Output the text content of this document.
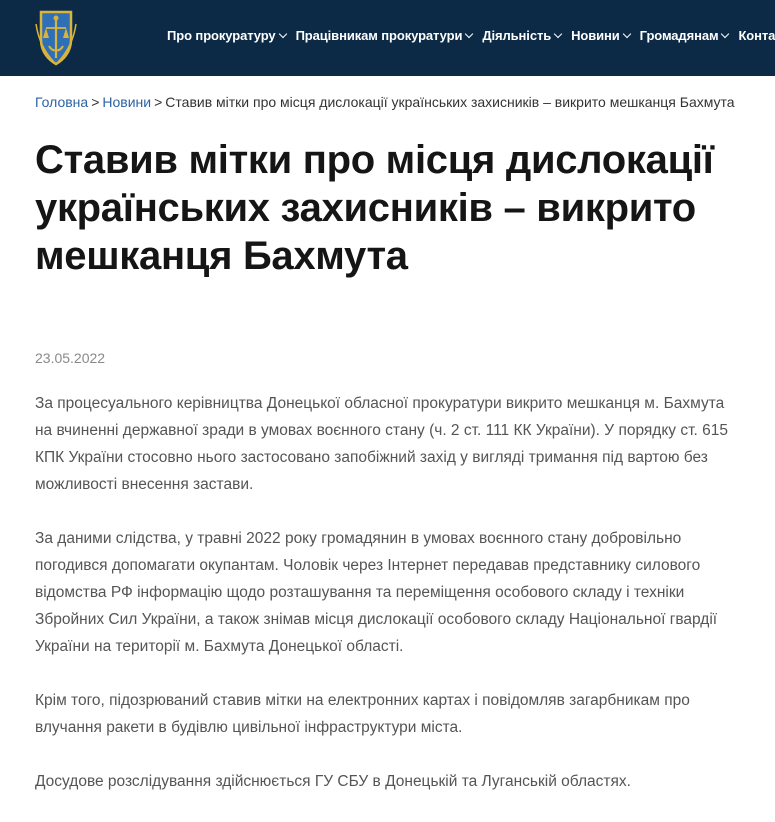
Про прокуратуру Працівникам прокуратури Діяльність Новини Громадянам Конта
Головна > Новини > Ставив мітки про місця дислокації українських захисників – викрито мешканця Бахмута
Ставив мітки про місця дислокації українських захисників – викрито мешканця Бахмута
23.05.2022

За процесуального керівництва Донецької обласної прокуратури викрито мешканця м. Бахмута на вчиненні державної зради в умовах воєнного стану (ч. 2 ст. 111 КК України). У порядку ст. 615 КПК України стосовно нього застосовано запобіжний захід у вигляді тримання під вартою без можливості внесення застави.

За даними слідства, у травні 2022 року громадянин в умовах воєнного стану добровільно погодився допомагати окупантам. Чоловік через Інтернет передавав представнику силового відомства РФ інформацію щодо розташування та переміщення особового складу і техніки Збройних Сил України, а також знімав місця дислокації особового складу Національної гвардії України на території м. Бахмута Донецької області.

Крім того, підозрюваний ставив мітки на електронних картах і повідомляв загарбникам про влучання ракети в будівлю цивільної інфраструктури міста.

Досудове розслідування здійснюється ГУ СБУ в Донецькій та Луганській областях.
